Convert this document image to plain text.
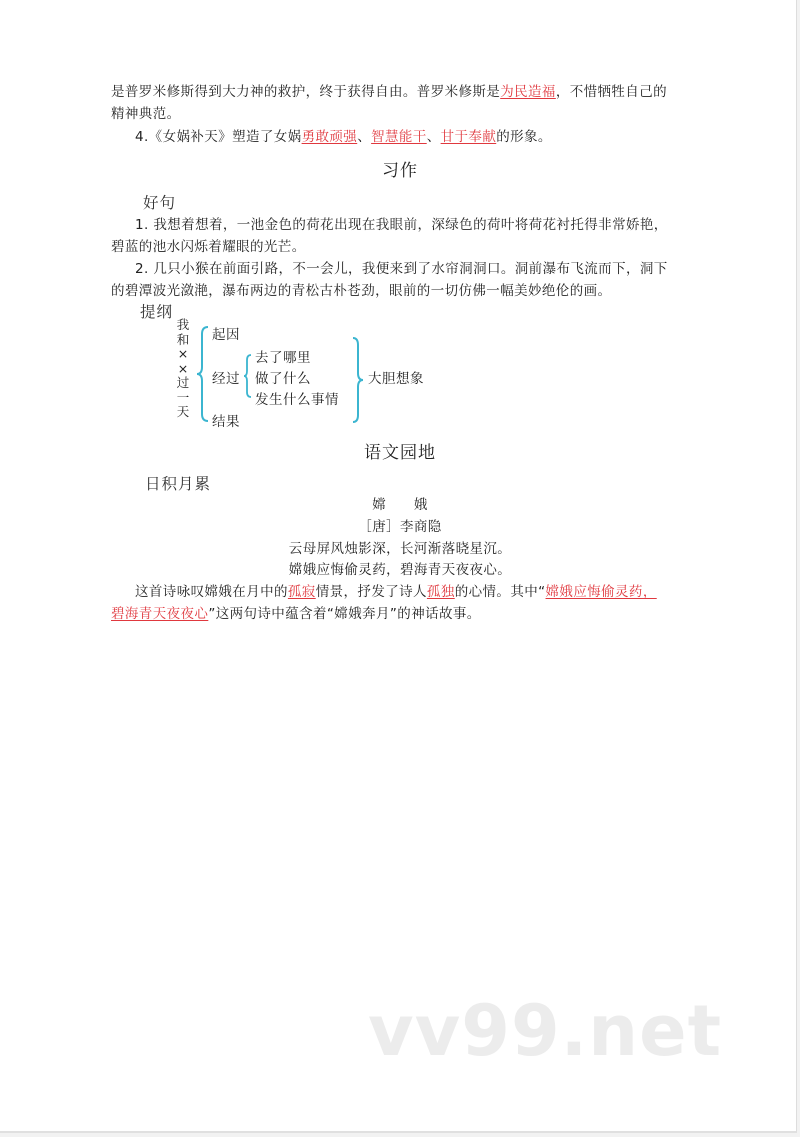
是普罗米修斯得到大力神的救护，终于获得自由。普罗米修斯是为民造福，不惜牺牲自己的
精神典范。
4.《女娲补天》塑造了女娲勇敢顽强、智慧能干、甘于奉献的形象。
习作
好句
1. 我想着想着，一池金色的荷花出现在我眼前，深绿色的荷叶将荷花衬托得非常娇艳，
碧蓝的池水闪烁着耀眼的光芒。
2. 几只小猴在前面引路，不一会儿，我便来到了水帘洞洞口。洞前瀑布飞流而下，洞下
的碧潭波光潋滟，瀑布两边的青松古朴苍劲，眼前的一切仿佛一幅美妙绝伦的画。
提纲
我
和
×
×
过
一
天
起因
经过
结果
去了哪里
做了什么
发生什么事情
大胆想象
语文园地
日积月累
嫦　　娥
［唐］李商隐
云母屏风烛影深，长河渐落晓星沉。
嫦娥应悔偷灵药，碧海青天夜夜心。
这首诗咏叹嫦娥在月中的孤寂情景，抒发了诗人孤独的心情。其中“嫦娥应悔偷灵药，
碧海青天夜夜心”这两句诗中蕴含着“嫦娥奔月”的神话故事。
vv99.net
